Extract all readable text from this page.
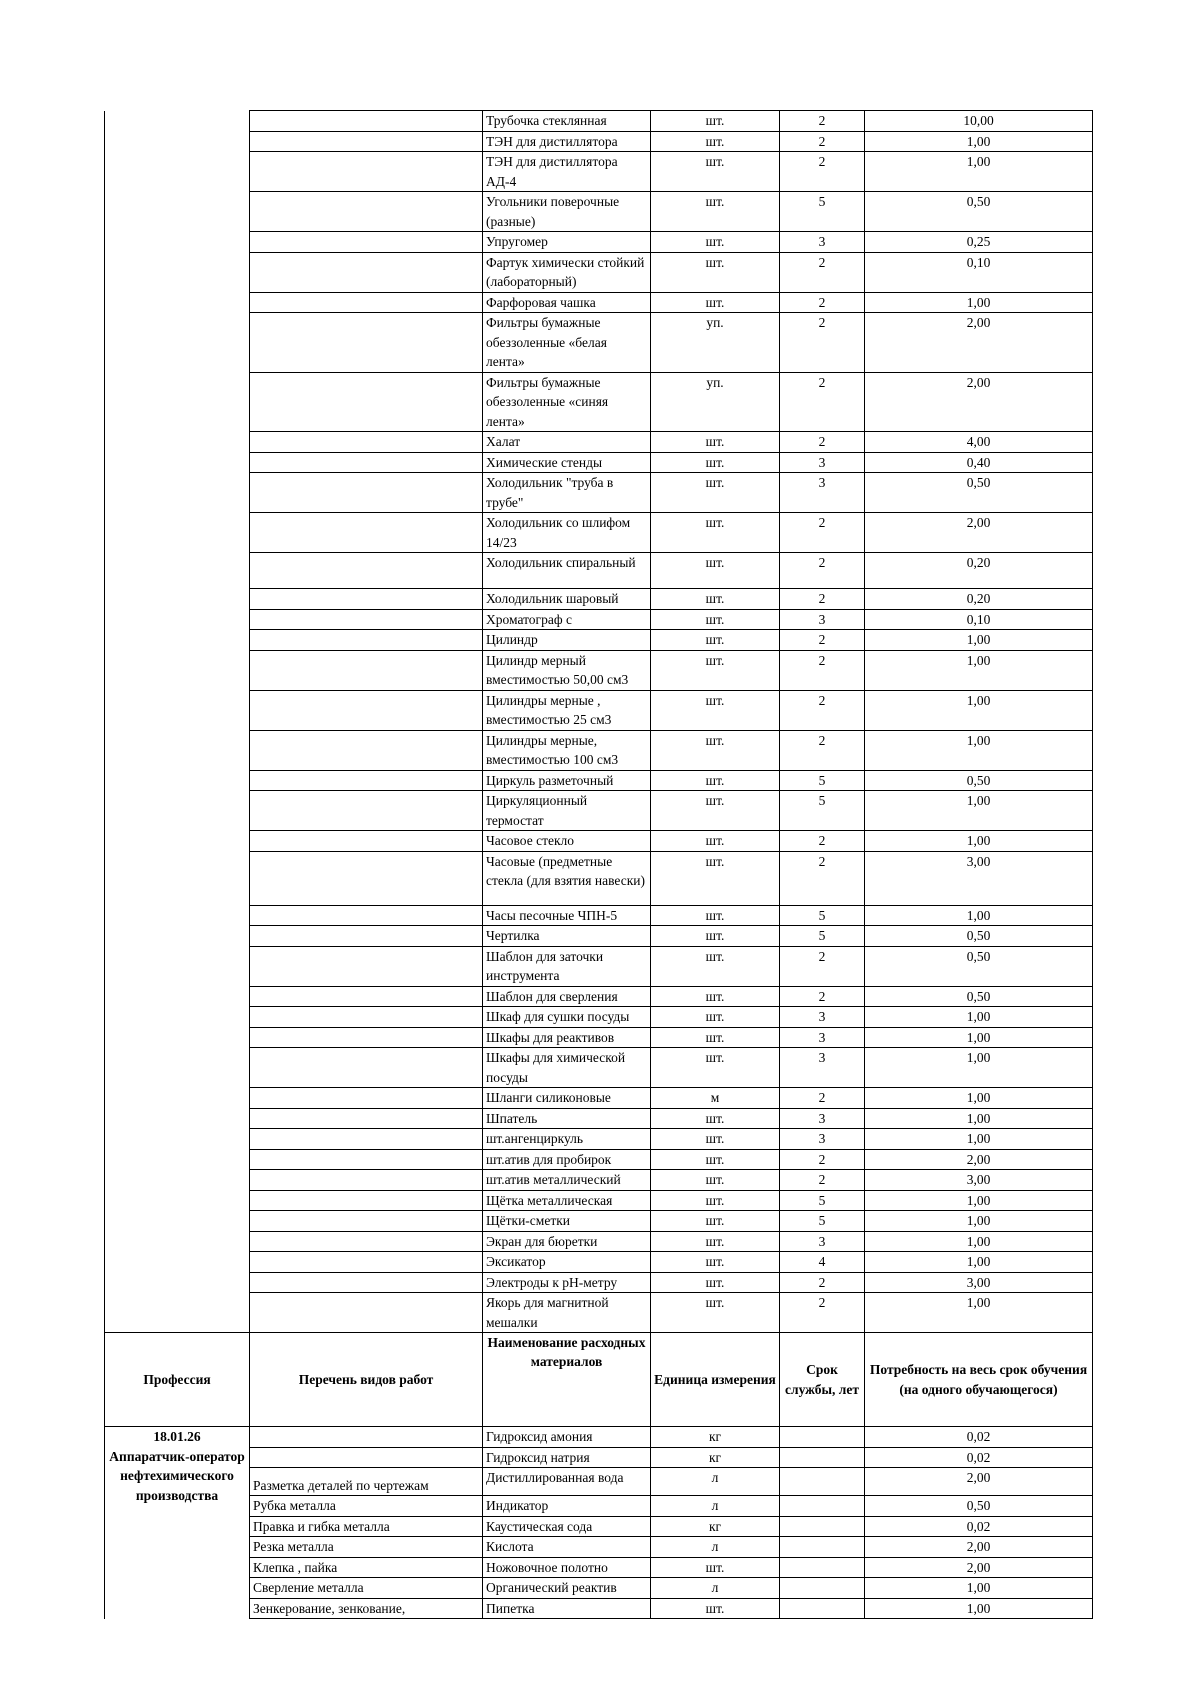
		Трубочка стеклянная	шт.	2	10,00
		ТЭН для дистиллятора	шт.	2	1,00
		ТЭН для дистиллятора АД-4	шт.	2	1,00
		Угольники поверочные (разные)	шт.	5	0,50
		Упругомер	шт.	3	0,25
		Фартук химически стойкий (лабораторный)	шт.	2	0,10
		Фарфоровая чашка	шт.	2	1,00
		Фильтры бумажные обеззоленные «белая лента»	уп.	2	2,00
		Фильтры бумажные обеззоленные «синяя лента»	уп.	2	2,00
		Халат	шт.	2	4,00
		Химические стенды	шт.	3	0,40
		Холодильник "труба в трубе"	шт.	3	0,50
		Холодильник со шлифом 14/23	шт.	2	2,00
		Холодильник спиральный	шт.	2	0,20
		Холодильник шаровый	шт.	2	0,20
		Хроматограф с	шт.	3	0,10
		Цилиндр	шт.	2	1,00
		Цилиндр мерный вместимостью 50,00 см3	шт.	2	1,00
		Цилиндры мерные , вместимостью 25 см3	шт.	2	1,00
		Цилиндры мерные, вместимостью 100 см3	шт.	2	1,00
		Циркуль разметочный	шт.	5	0,50
		Циркуляционный термостат	шт.	5	1,00
		Часовое стекло	шт.	2	1,00
		Часовые (предметные стекла (для взятия навески)	шт.	2	3,00
		Часы песочные ЧПН-5	шт.	5	1,00
		Чертилка	шт.	5	0,50
		Шаблон для заточки инструмента	шт.	2	0,50
		Шаблон для сверления	шт.	2	0,50
		Шкаф для сушки посуды	шт.	3	1,00
		Шкафы для реактивов	шт.	3	1,00
		Шкафы для химической посуды	шт.	3	1,00
		Шланги силиконовые	м	2	1,00
		Шпатель	шт.	3	1,00
		шт.ангенциркуль	шт.	3	1,00
		шт.атив для пробирок	шт.	2	2,00
		шт.атив металлический	шт.	2	3,00
		Щётка металлическая	шт.	5	1,00
		Щётки-сметки	шт.	5	1,00
		Экран для бюретки	шт.	3	1,00
		Эксикатор	шт.	4	1,00
		Электроды к pH-метру	шт.	2	3,00
		Якорь для магнитной мешалки	шт.	2	1,00
Профессия	Перечень видов работ	Наименование расходных материалов	Единица измерения	Срок службы, лет	Потребность на весь срок обучения (на одного обучающегося)

18.01.26
Аппаратчик-оператор нефтехимического производства		Гидроксид амония	кг		0,02
		Гидроксид натрия	кг		0,02
	Разметка деталей по чертежам	Дистиллированная вода	л		2,00
	Рубка металла	Индикатор	л		0,50
	Правка и гибка металла	Каустическая сода	кг		0,02
	Резка металла	Кислота	л		2,00
	Клепка , пайка	Ножовочное полотно	шт.		2,00
	Сверление металла	Органический реактив	л		1,00
	Зенкерование, зенкование,	Пипетка	шт.		1,00
